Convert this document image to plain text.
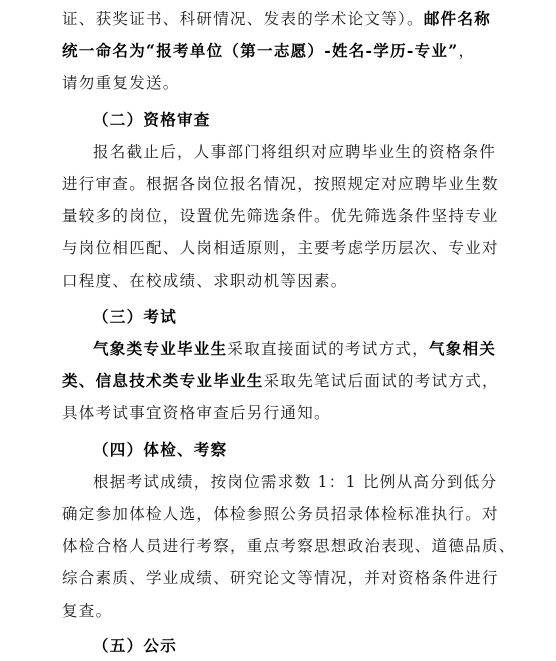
证、获奖证书、科研情况、发表的学术论文等）。邮件名称
统一命名为“报考单位（第一志愿）-姓名-学历-专业”，
请勿重复发送。
（二）资格审查
报名截止后，人事部门将组织对应聘毕业生的资格条件
进行审查。根据各岗位报名情况，按照规定对应聘毕业生数
量较多的岗位，设置优先筛选条件。优先筛选条件坚持专业
与岗位相匹配、人岗相适原则，主要考虑学历层次、专业对
口程度、在校成绩、求职动机等因素。
（三）考试
气象类专业毕业生采取直接面试的考试方式，气象相关
类、信息技术类专业毕业生采取先笔试后面试的考试方式，
具体考试事宜资格审查后另行通知。
（四）体检、考察
根据考试成绩，按岗位需求数 1：1 比例从高分到低分
确定参加体检人选，体检参照公务员招录体检标准执行。对
体检合格人员进行考察，重点考察思想政治表现、道德品质、
综合素质、学业成绩、研究论文等情况，并对资格条件进行
复查。
（五）公示
